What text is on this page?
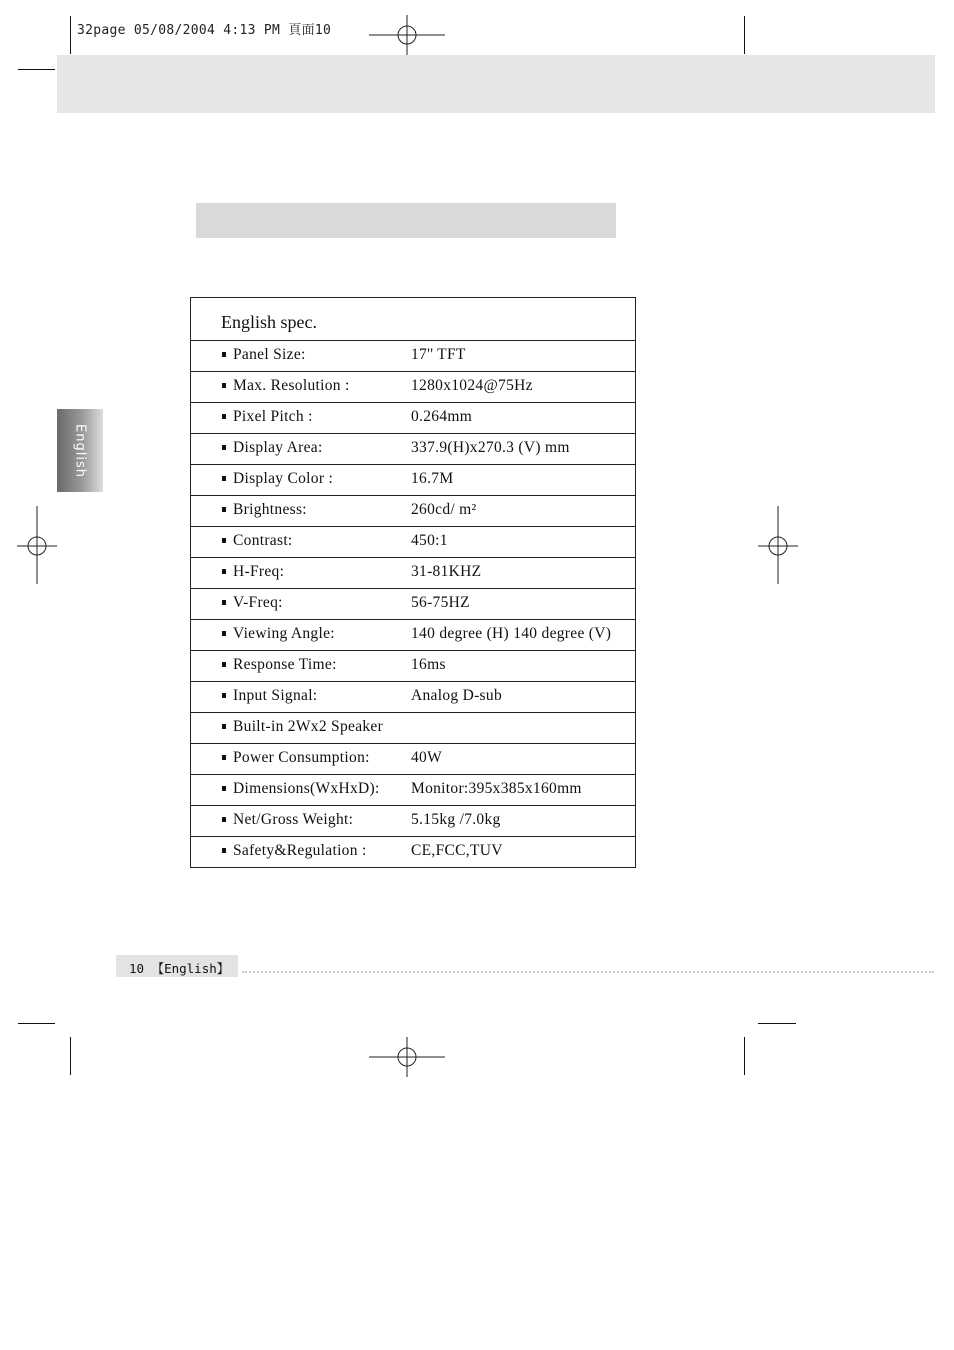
32page 05/08/2004 4:13 PM 頁面10
English
English spec.
Panel Size:	17'' TFT
Max. Resolution :	1280x1024@75Hz
Pixel Pitch :	0.264mm
Display Area:	337.9(H)x270.3 (V) mm
Display Color :	16.7M
Brightness:	260cd/ m²
Contrast:	450:1
H-Freq:	31-81KHZ
V-Freq:	56-75HZ
Viewing Angle:	140 degree (H) 140 degree (V)
Response Time:	16ms
Input Signal:	Analog D-sub
Built-in 2Wx2 Speaker
Power Consumption:	40W
Dimensions(WxHxD): Monitor:395x385x160mm
Net/Gross Weight:	5.15kg /7.0kg
Safety&Regulation :	CE,FCC,TUV
10 【English】
